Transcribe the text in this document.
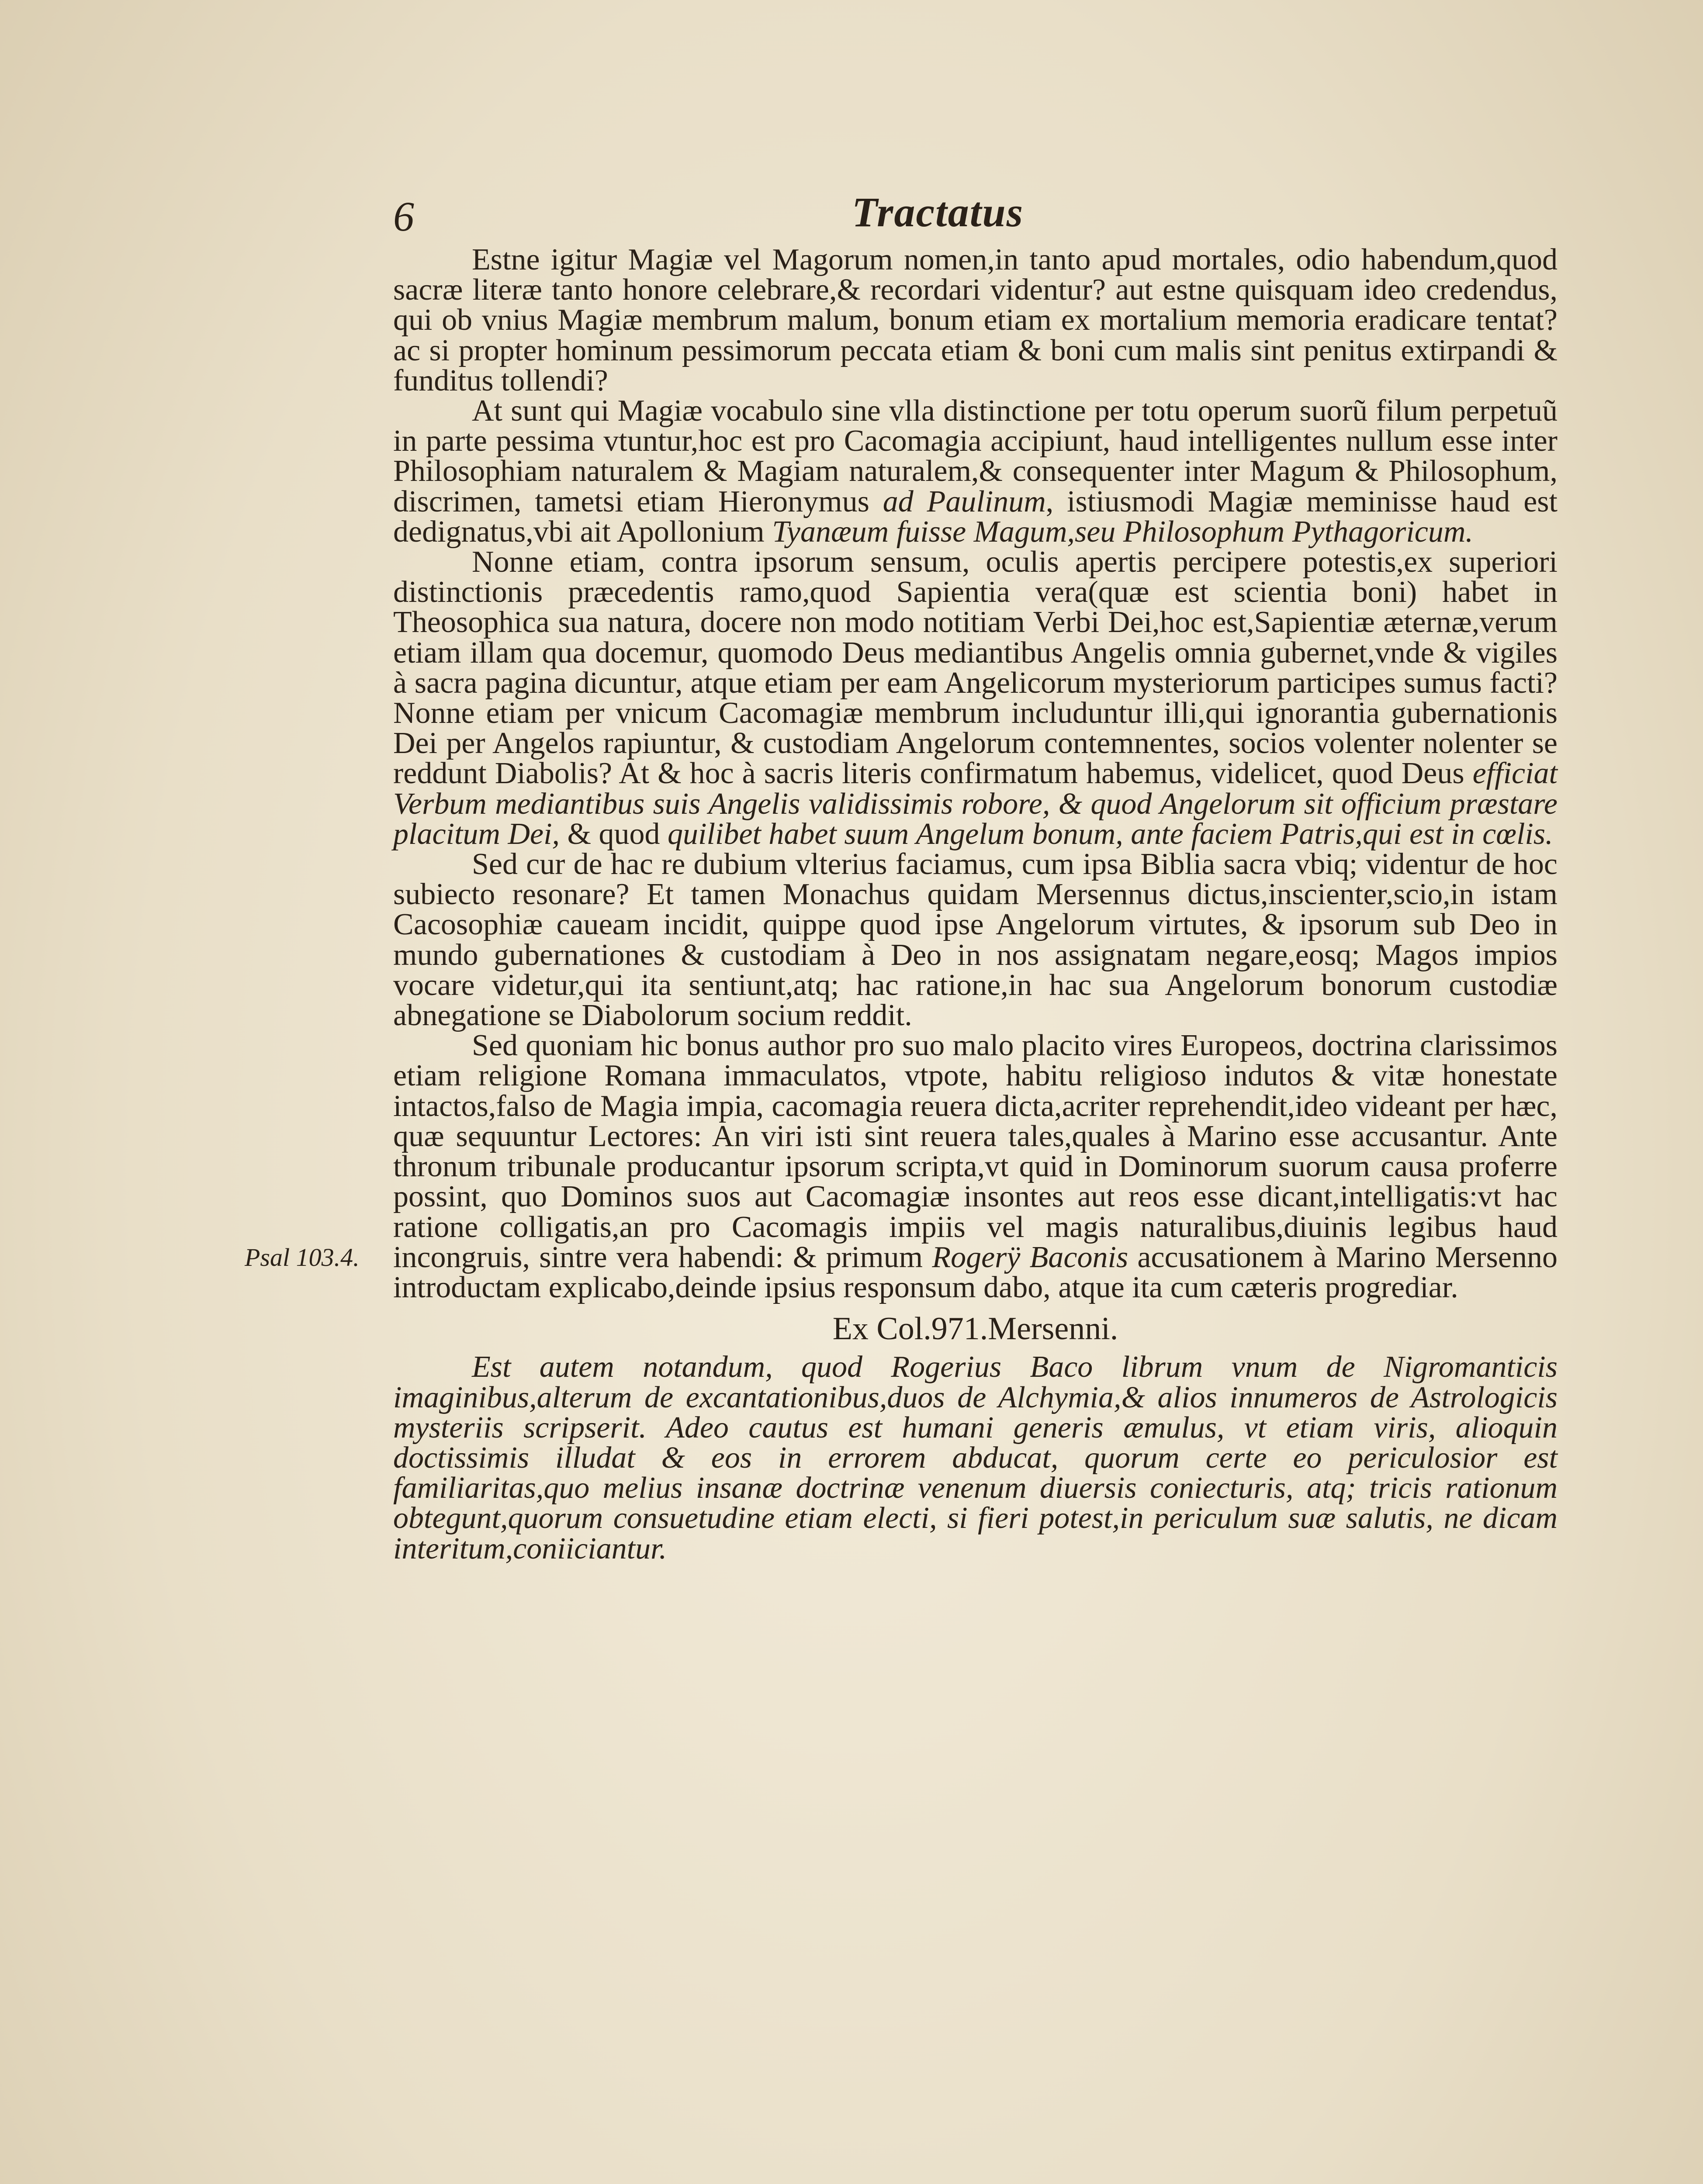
6	Tractatus
Psal 103.4.

Estne igitur Magiæ vel Magorum nomen,in tanto apud mortales, odio habendum,quod sacræ literæ tanto honore celebrare,& recordari videntur? aut estne quisquam ideo credendus, qui ob vnius Magiæ membrum malum, bonum etiam ex mortalium memoria eradicare tentat? ac si propter hominum pessimorum peccata etiam & boni cum malis sint penitus extirpandi & funditus tollendi?

At sunt qui Magiæ vocabulo sine vlla distinctione per totu operum suorũ filum perpetuũ in parte pessima vtuntur,hoc est pro Cacomagia accipiunt, haud intelligentes nullum esse inter Philosophiam naturalem & Magiam naturalem,& consequenter inter Magum & Philosophum, discrimen, tametsi etiam Hieronymus ad Paulinum, istiusmodi Magiæ meminisse haud est dedignatus,vbi ait Apollonium Tyanæum fuisse Magum,seu Philosophum Pythagoricum.

Nonne etiam, contra ipsorum sensum, oculis apertis percipere potestis,ex superiori distinctionis præcedentis ramo,quod Sapientia vera(quæ est scientia boni) habet in Theosophica sua natura, docere non modo notitiam Verbi Dei,hoc est,Sapientiæ æternæ,verum etiam illam qua docemur, quomodo Deus mediantibus Angelis omnia gubernet,vnde & vigiles à sacra pagina dicuntur, atque etiam per eam Angelicorum mysteriorum participes sumus facti? Nonne etiam per vnicum Cacomagiæ membrum includuntur illi,qui ignorantia gubernationis Dei per Angelos rapiuntur, & custodiam Angelorum contemnentes, socios volenter nolenter se reddunt Diabolis? At & hoc à sacris literis confirmatum habemus, videlicet, quod Deus efficiat Verbum mediantibus suis Angelis validissimis robore, & quod Angelorum sit officium præstare placitum Dei, & quod quilibet habet suum Angelum bonum, ante faciem Patris,qui est in cœlis.

Sed cur de hac re dubium vlterius faciamus, cum ipsa Biblia sacra vbiq; videntur de hoc subiecto resonare? Et tamen Monachus quidam Mersennus dictus,inscienter,scio,in istam Cacosophiæ caueam incidit, quippe quod ipse Angelorum virtutes, & ipsorum sub Deo in mundo gubernationes & custodiam à Deo in nos assignatam negare,eosq; Magos impios vocare videtur,qui ita sentiunt,atq; hac ratione,in hac sua Angelorum bonorum custodiæ abnegatione se Diabolorum socium reddit.

Sed quoniam hic bonus author pro suo malo placito vires Europeos, doctrina clarissimos etiam religione Romana immaculatos, vtpote, habitu religioso indutos & vitæ honestate intactos,falso de Magia impia, cacomagia reuera dicta,acriter reprehendit,ideo videant per hæc, quæ sequuntur Lectores: An viri isti sint reuera tales,quales à Marino esse accusantur. Ante thronum tribunale producantur ipsorum scripta,vt quid in Dominorum suorum causa proferre possint, quo Dominos suos aut Cacomagiæ insontes aut reos esse dicant,intelligatis:vt hac ratione colligatis,an pro Cacomagis impiis vel magis naturalibus,diuinis legibus haud incongruis, sintre vera habendi: & primum Rogerÿ Baconis accusationem à Marino Mersenno introductam explicabo,deinde ipsius responsum dabo, atque ita cum cæteris progrediar.

Ex Col.971.Mersenni.

Est autem notandum, quod Rogerius Baco librum vnum de Nigromanticis imaginibus,alterum de excantationibus,duos de Alchymia,& alios innumeros de Astrologicis mysteriis scripserit. Adeo cautus est humani generis æmulus, vt etiam viris, alioquin doctissimis illudat & eos in errorem abducat, quorum certe eo periculosior est familiaritas,quo melius insanæ doctrinæ venenum diuersis coniecturis, atq; tricis rationum obtegunt,quorum consuetudine etiam electi, si fieri potest,in periculum suæ salutis, ne dicam interitum,coniiciantur.
